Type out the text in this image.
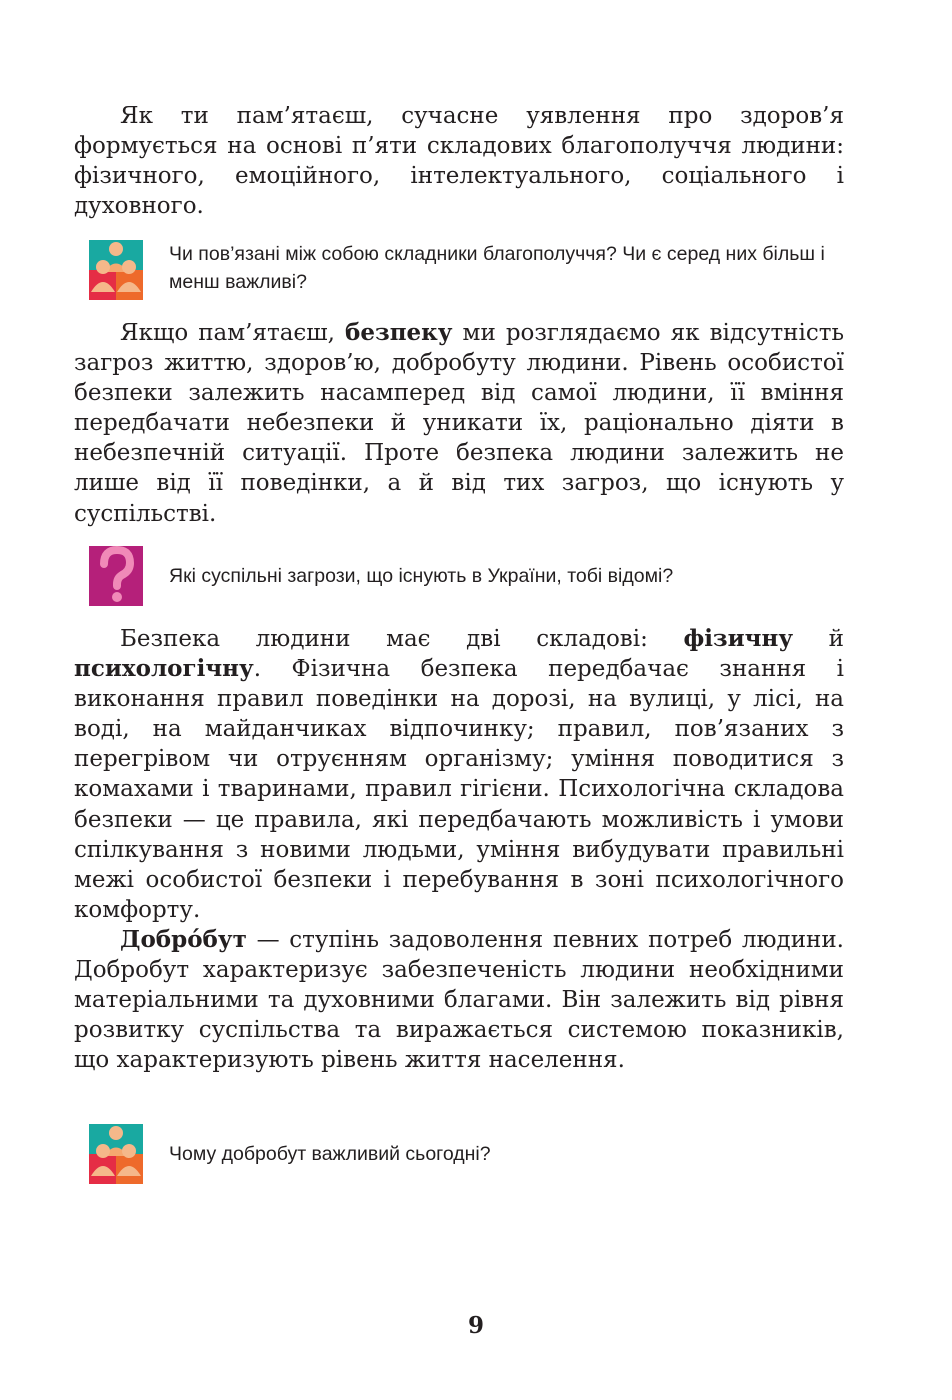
Як ти пам’ятаєш, сучасне уявлення про здоров’я формується на основі п’яти складових благополуччя людини: фізичного, емоційного, інтелектуального, соціального і духовного.

Чи пов’язані між собою складники благополуччя? Чи є серед них більш і менш важливі?

Якщо пам’ятаєш, безпеку ми розглядаємо як відсутність загроз життю, здоров’ю, добробуту людини. Рівень особистої безпеки залежить насамперед від самої людини, її вміння передбачати небезпеки й уникати їх, раціонально діяти в небезпечній ситуації. Проте безпека людини залежить не лише від її поведінки, а й від тих загроз, що існують у суспільстві.

Які суспільні загрози, що існують в України, тобі відомі?

Безпека людини має дві складові: фізичну й психологічну. Фізична безпека передбачає знання і виконання правил поведінки на дорозі, на вулиці, у лісі, на воді, на майданчиках відпочинку; правил, пов’язаних з перегрівом чи отруєнням організму; уміння поводитися з комахами і тваринами, правил гігієни. Психологічна складова безпеки — це правила, які передбачають можливість і умови спілкування з новими людьми, уміння вибудувати правильні межі особистої безпеки і перебування в зоні психологічного комфорту.

Добро́бут — ступінь задоволення певних потреб людини. Добробут характеризує забезпеченість людини необхідними матеріальними та духовними благами. Він залежить від рівня розвитку суспільства та виражається системою показників, що характеризують рівень життя населення.

Чому добробут важливий сьогодні?
9
